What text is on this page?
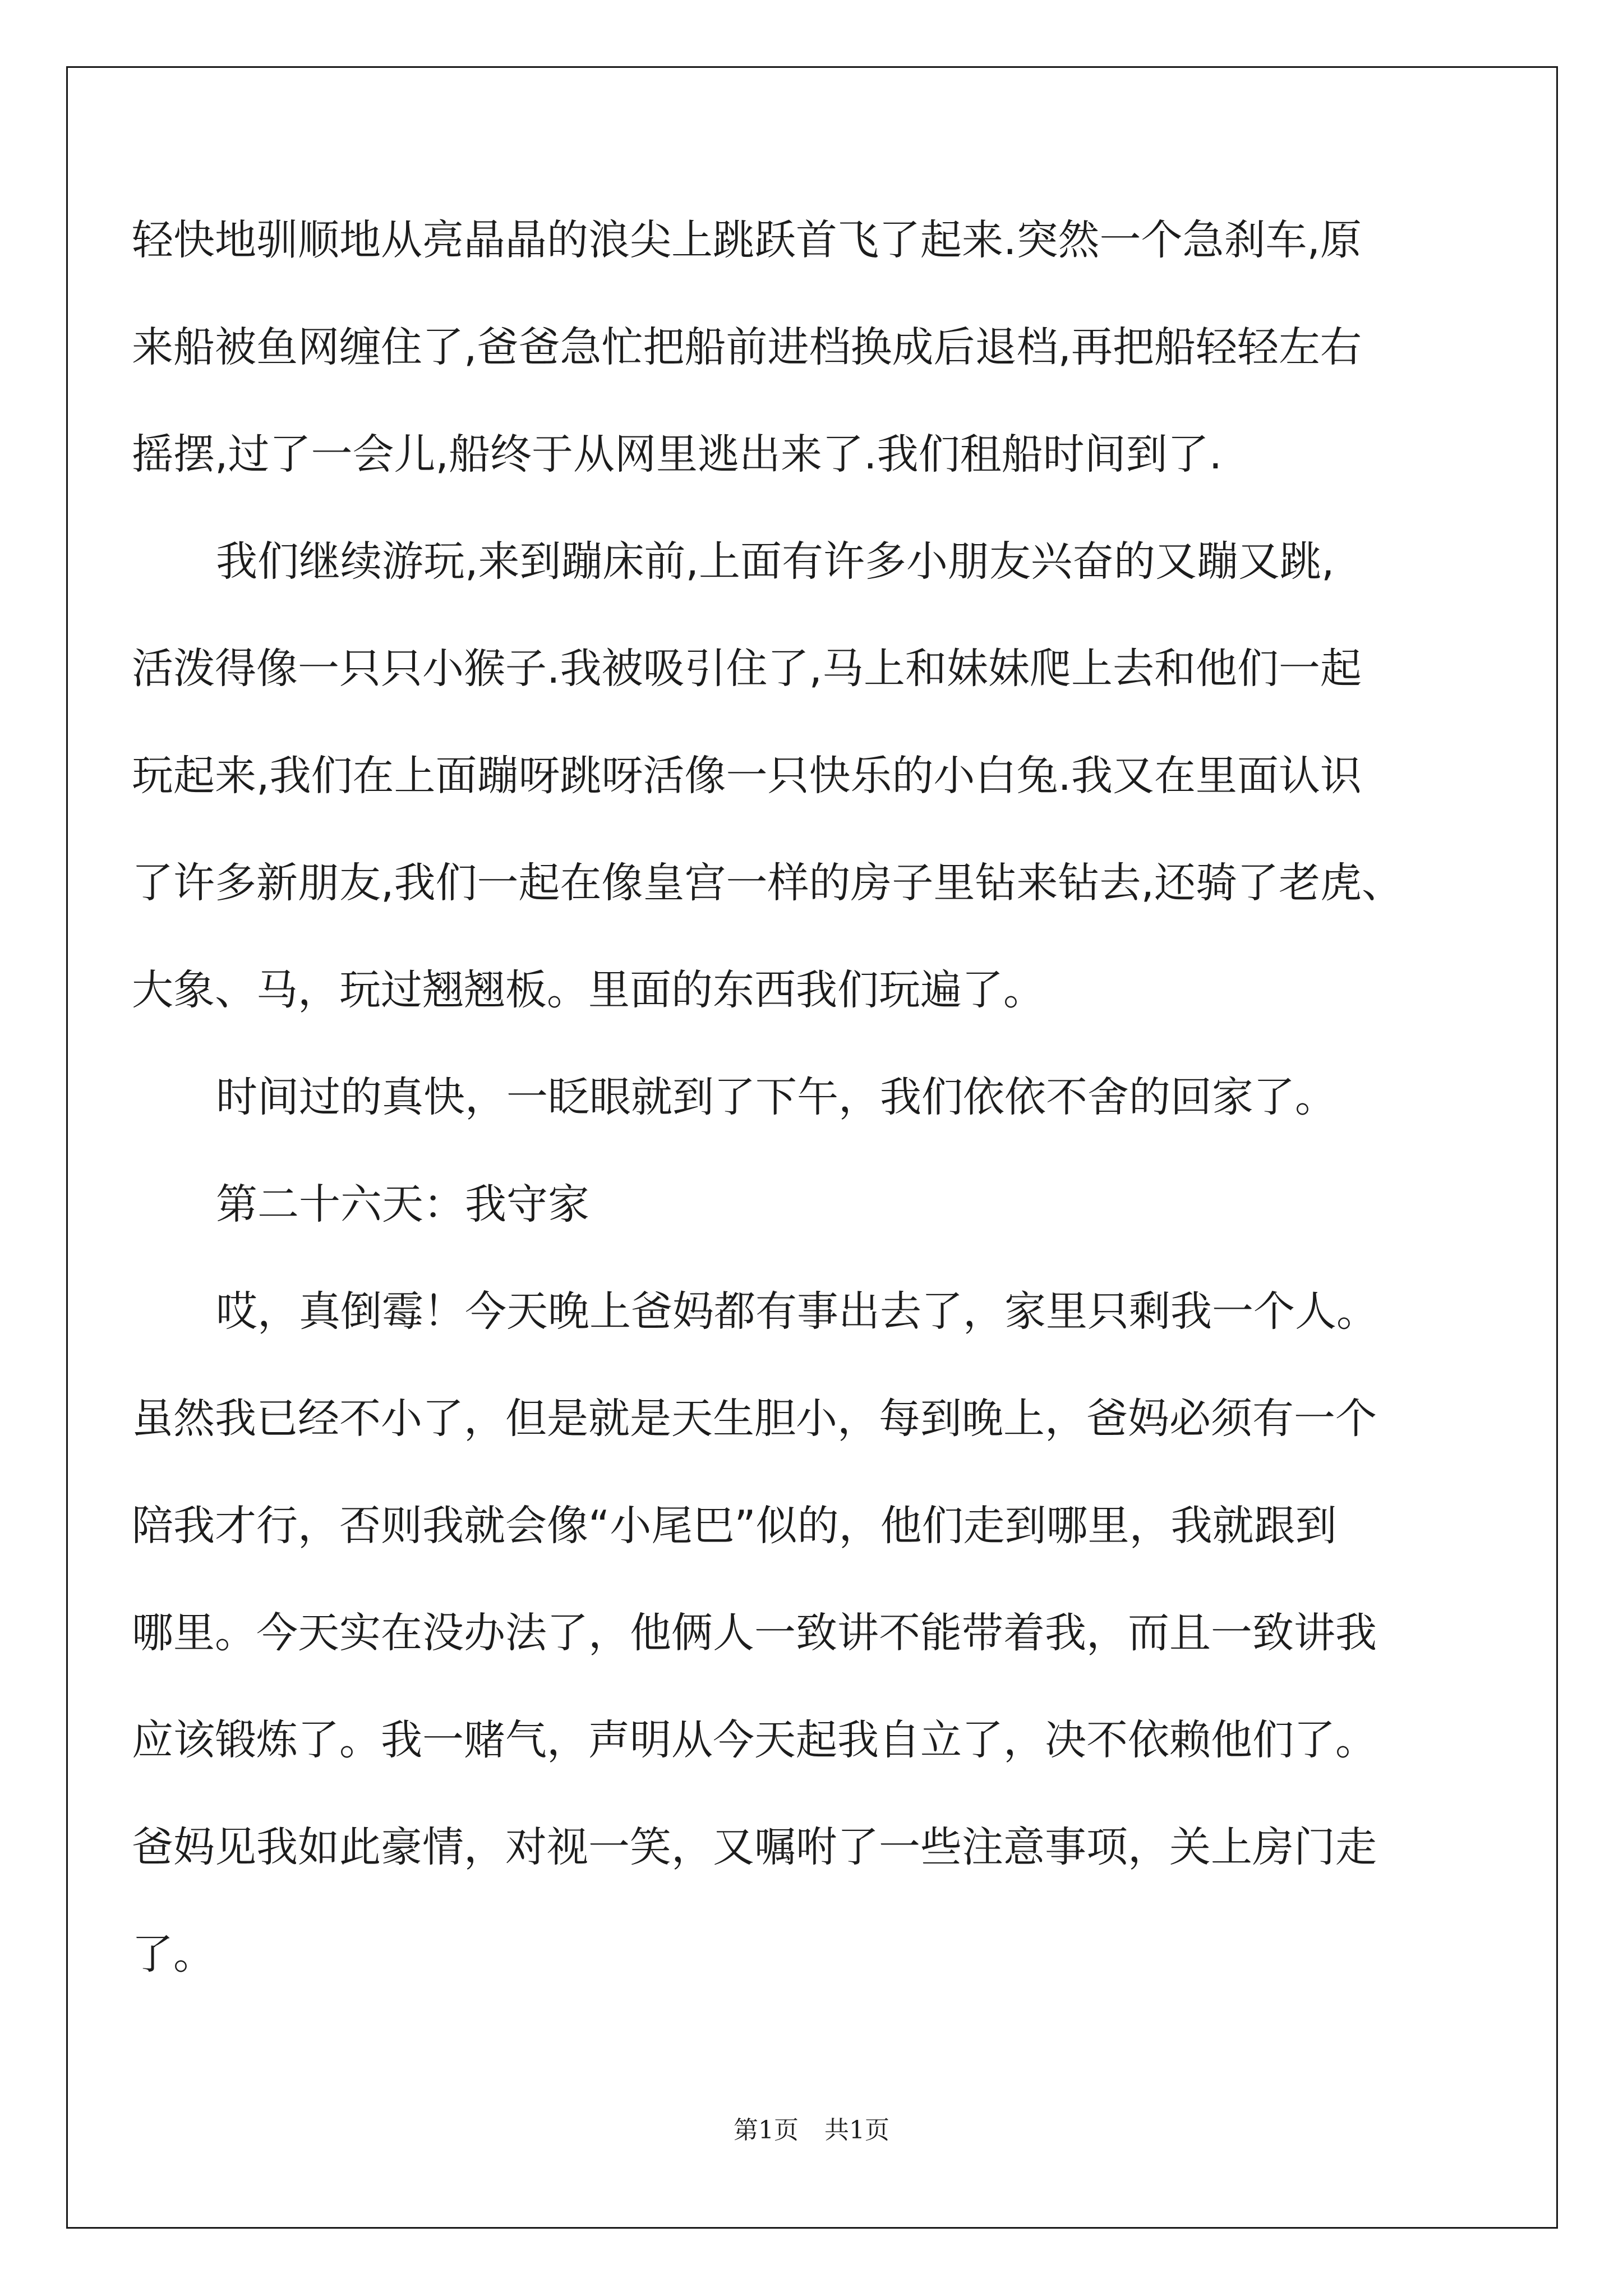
轻快地驯顺地从亮晶晶的浪尖上跳跃首飞了起来.突然一个急刹车,原
来船被鱼网缠住了,爸爸急忙把船前进档换成后退档,再把船轻轻左右
摇摆,过了一会儿,船终于从网里逃出来了.我们租船时间到了.
我们继续游玩,来到蹦床前,上面有许多小朋友兴奋的又蹦又跳,
活泼得像一只只小猴子.我被吸引住了,马上和妹妹爬上去和他们一起
玩起来,我们在上面蹦呀跳呀活像一只快乐的小白兔.我又在里面认识
了许多新朋友,我们一起在像皇宫一样的房子里钻来钻去,还骑了老虎、
大象、马，玩过翘翘板。里面的东西我们玩遍了。
时间过的真快，一眨眼就到了下午，我们依依不舍的回家了。
第二十六天：我守家
哎，真倒霉！今天晚上爸妈都有事出去了，家里只剩我一个人。
虽然我已经不小了，但是就是天生胆小，每到晚上，爸妈必须有一个
陪我才行，否则我就会像“小尾巴”似的，他们走到哪里，我就跟到
哪里。今天实在没办法了，他俩人一致讲不能带着我，而且一致讲我
应该锻炼了。我一赌气，声明从今天起我自立了，决不依赖他们了。
爸妈见我如此豪情，对视一笑，又嘱咐了一些注意事项，关上房门走
了。
第1页 共1页
